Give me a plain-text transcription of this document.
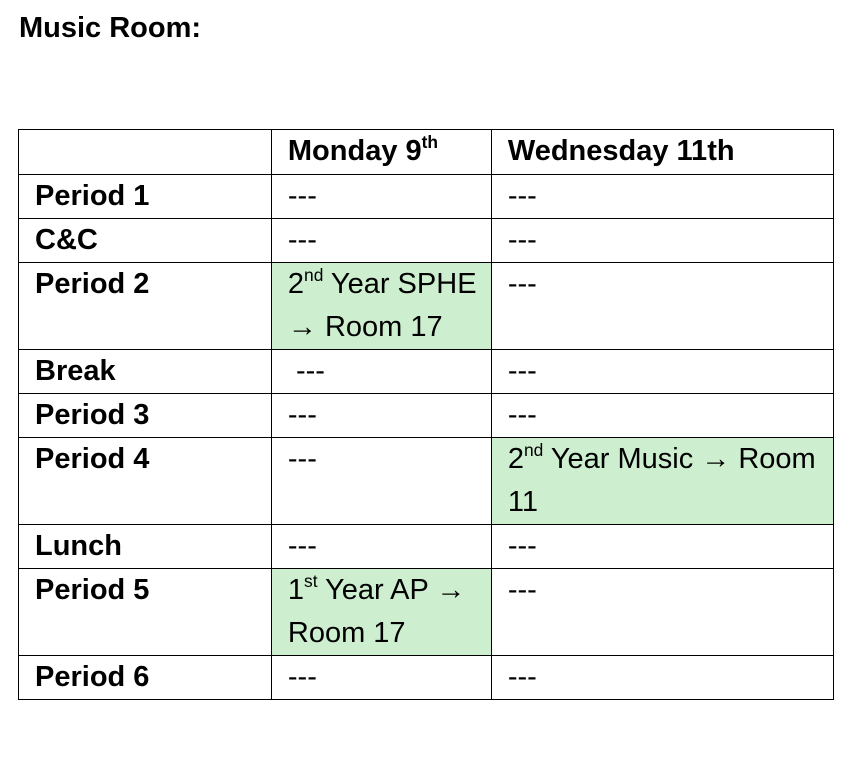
Music Room:
	Monday 9th	Wednesday 11th
Period 1	---	---
C&C	---	---
Period 2	2nd Year SPHE → Room 17	---
Break	---	---
Period 3	---	---
Period 4	---	2nd Year Music → Room 11
Lunch	---	---
Period 5	1st Year AP → Room 17	---
Period 6	---	---
